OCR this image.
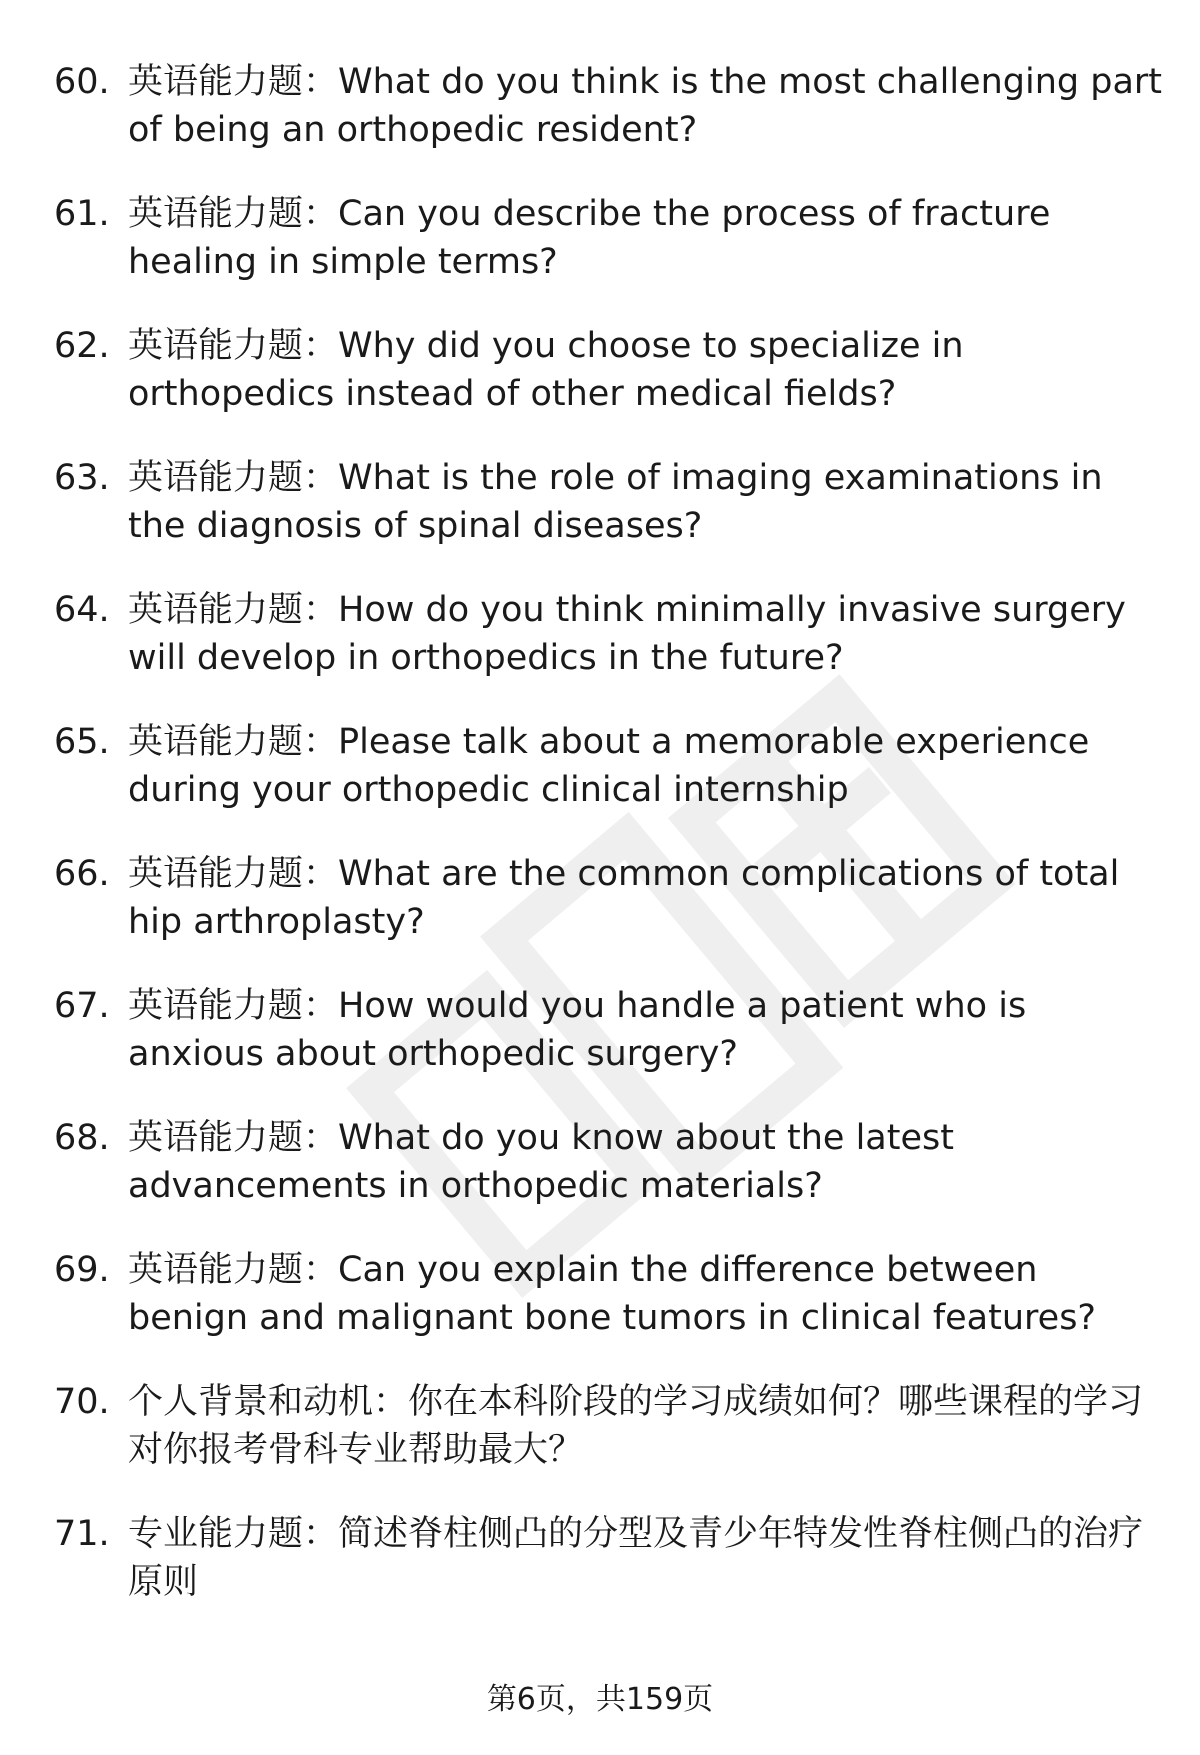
60. 英语能力题：What do you think is the most challenging part of being an orthopedic resident?
61. 英语能力题：Can you describe the process of fracture healing in simple terms?
62. 英语能力题：Why did you choose to specialize in orthopedics instead of other medical fields?
63. 英语能力题：What is the role of imaging examinations in the diagnosis of spinal diseases?
64. 英语能力题：How do you think minimally invasive surgery will develop in orthopedics in the future?
65. 英语能力题：Please talk about a memorable experience during your orthopedic clinical internship
66. 英语能力题：What are the common complications of total hip arthroplasty?
67. 英语能力题：How would you handle a patient who is anxious about orthopedic surgery?
68. 英语能力题：What do you know about the latest advancements in orthopedic materials?
69. 英语能力题：Can you explain the difference between benign and malignant bone tumors in clinical features?
70. 个人背景和动机：你在本科阶段的学习成绩如何？哪些课程的学习对你报考骨科专业帮助最大？
71. 专业能力题：简述脊柱侧凸的分型及青少年特发性脊柱侧凸的治疗原则
第6页，共159页
